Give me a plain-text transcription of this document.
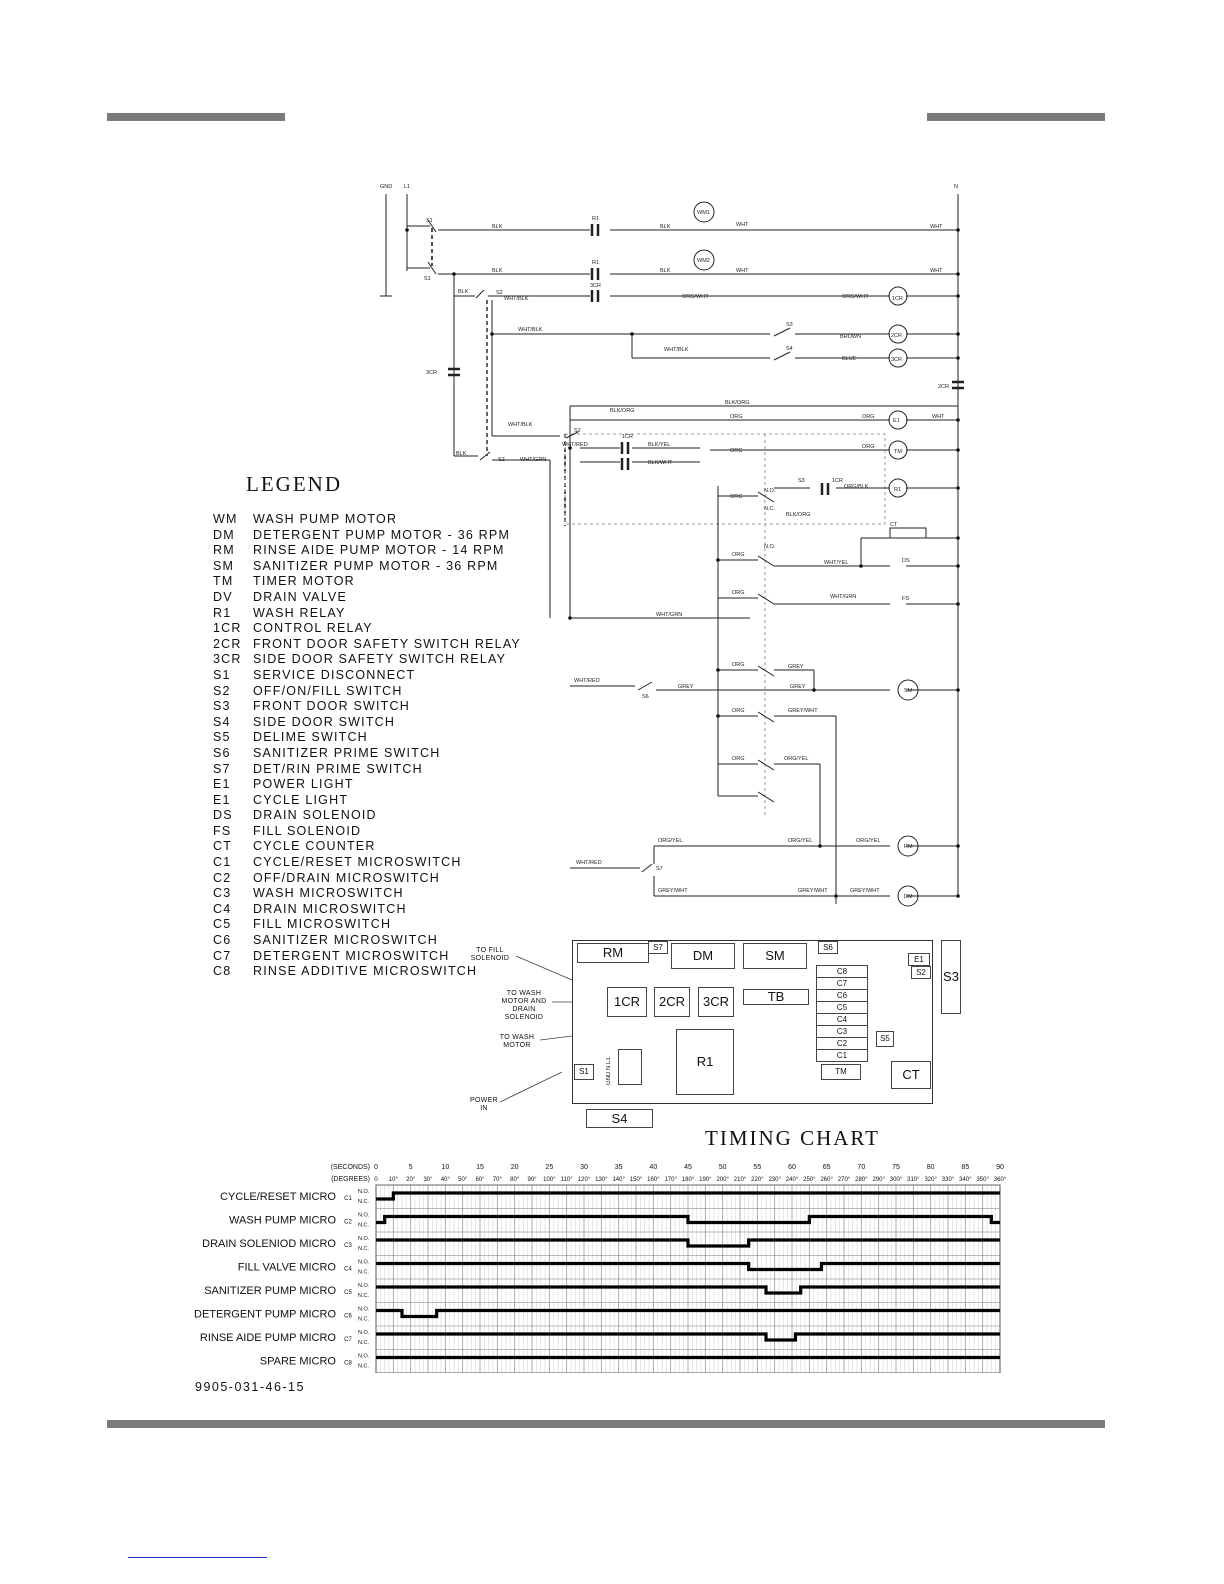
GND L1	N
S1
S1
BLK
BLK
BLK
BLK
BLK
WHT
WHT
WHT
WHT
WM1
WM2
R1
R1
3CR
S2
WHT/BLK	ORG/WHT	ORG/WHT	1CR
WHT/BLK
WHT/BLK
S3
S4
BROWN
BLUE
2CR
3CR
3CR
2CR
BLK/ORG
BLK/ORG
ORG	ORG	WHT
E1
WHT/BLK
S2
WHT/RED
1CR
BLK/YEL
BLK/WHT
ORG
ORG
TM
BLK
S2	WHT/GRN
S3	1CR
ORG/BLK	R1
BLK/ORG
ORG
N.O.
N.C.
CT
ORG
N.O.
WHT/YEL	DS
ORG
WHT/GRN	FS
WHT/GRN
ORG	GREY
WHT/RED
S6
GREY	GREY
SM
ORG	GREY/WHT
ORG	ORG/YEL
ORG/YEL	ORG/YEL	ORG/YEL
RM
WHT/RED
S7
GREY/WHT	GREY/WHT	GREY/WHT
DM
LEGEND
WM	WASH PUMP MOTOR
DM	DETERGENT PUMP MOTOR - 36 RPM
RM	RINSE AIDE PUMP MOTOR - 14 RPM
SM	SANITIZER PUMP MOTOR - 36 RPM
TM	TIMER MOTOR
DV	DRAIN VALVE
R1	WASH RELAY
1CR CONTROL RELAY
2CR FRONT DOOR SAFETY SWITCH RELAY
3CR SIDE DOOR SAFETY SWITCH RELAY
S1	SERVICE DISCONNECT
S2	OFF/ON/FILL SWITCH
S3	FRONT DOOR SWITCH
S4	SIDE DOOR SWITCH
S5	DELIME SWITCH
S6	SANITIZER PRIME SWITCH
S7	DET/RIN PRIME SWITCH
E1	POWER LIGHT
E1	CYCLE LIGHT
DS	DRAIN SOLENOID
FS	FILL SOLENOID
CT	CYCLE COUNTER
C1	CYCLE/RESET MICROSWITCH
C2	OFF/DRAIN MICROSWITCH
C3	WASH MICROSWITCH
C4	DRAIN MICROSWITCH
C5	FILL MICROSWITCH
C6	SANITIZER MICROSWITCH
C7	DETERGENT MICROSWITCH
C8	RINSE ADDITIVE MICROSWITCH
TO FILL
SOLENOID
TO WASH
MOTOR AND
DRAIN
SOLENOID
TO WASH
MOTOR
POWER
IN
RM	S7
DM	SM
S6
E1
S2
1CR	2CR	3CR	TB
R1
S5
S1	CT
C8
C7
C6
C5
C4
C3
C2
C1
TM
GND N L1
S3
S4
TIMING CHART
(SECONDS)
(DEGREES)
0	5	10	15	20	25	30	35	40	45	50	55	60	65	70	75	80	85	90
0 10° 20° 30° 40° 50° 60° 70° 80° 90° 100° 110° 120° 130° 140° 150° 160° 170° 180° 190° 200° 210° 220° 230° 240° 250° 260° 270° 280° 290° 300° 310° 320° 330° 340° 350° 360°
CYCLE/RESET MICRO C1
N.O.
N.C.
WASH PUMP MICRO C2
N.O.
N.C.
DRAIN SOLENIOD MICRO C3
N.O.
N.C.
FILL VALVE MICRO C4
N.O.
N.C.
SANITIZER PUMP MICRO C5
N.O.
N.C.
DETERGENT PUMP MICRO C6
N.O.
N.C.
RINSE AIDE PUMP MICRO C7
N.O.
N.C.
SPARE MICRO C8
N.O.
N.C.
9905-031-46-15
